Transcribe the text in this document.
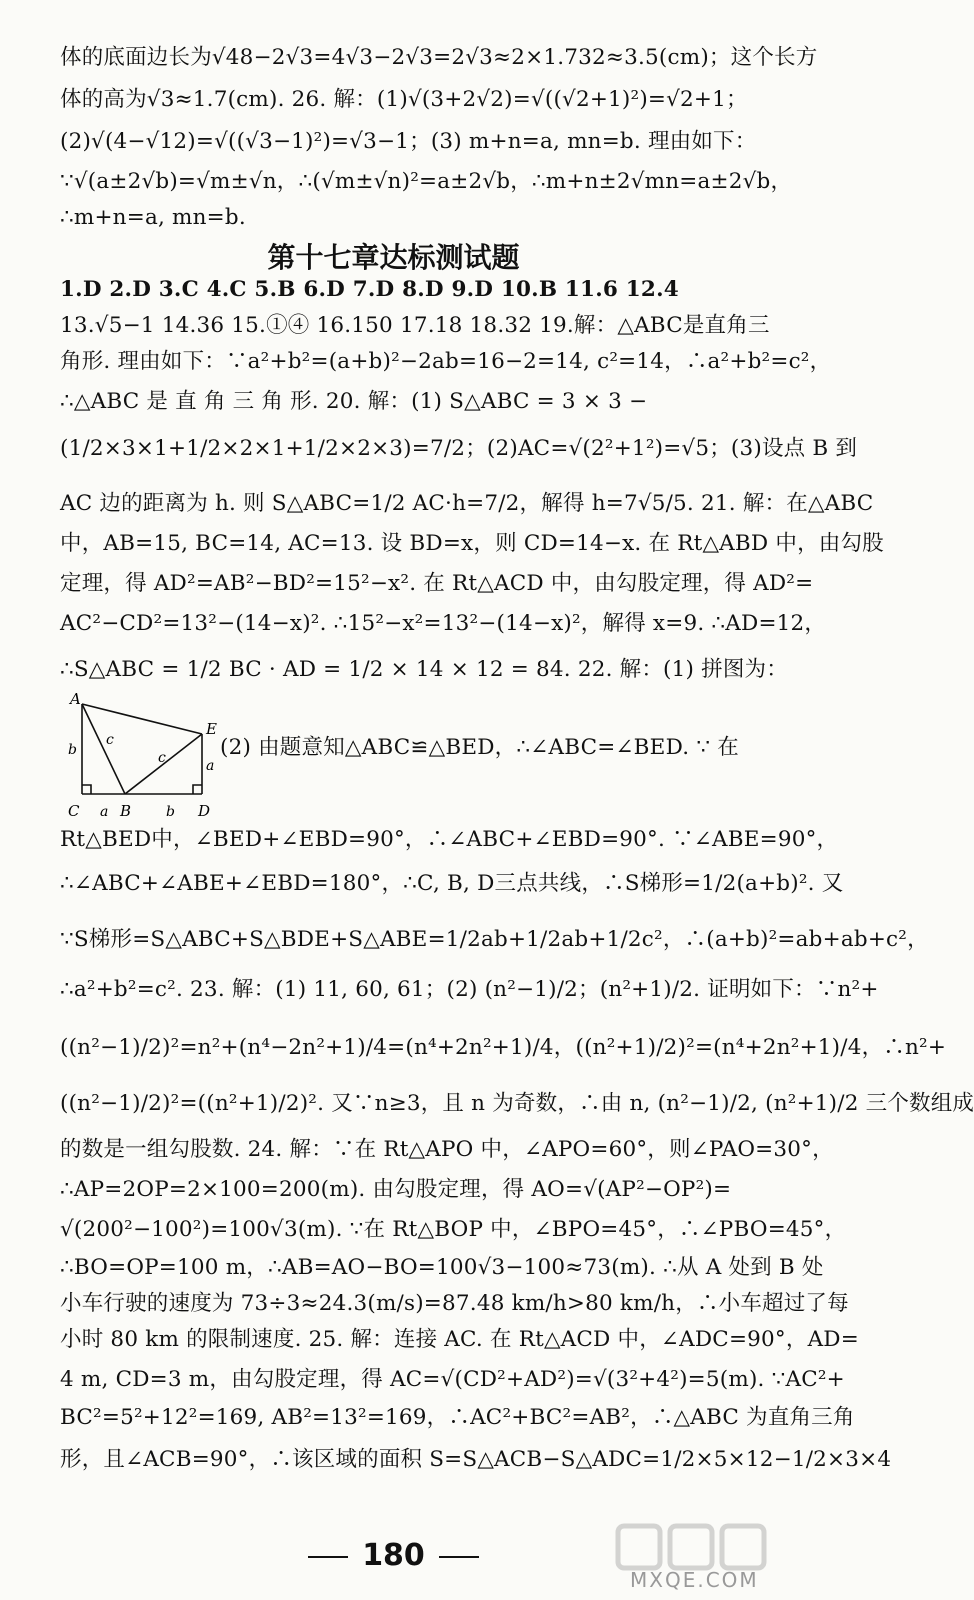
体的底面边长为√48−2√3=4√3−2√3=2√3≈2×1.732≈3.5(cm)；这个长方
体的高为√3≈1.7(cm). 26. 解：(1)√(3+2√2)=√((√2+1)²)=√2+1；
(2)√(4−√12)=√((√3−1)²)=√3−1；(3) m+n=a, mn=b. 理由如下：
∵√(a±2√b)=√m±√n，∴(√m±√n)²=a±2√b，∴m+n±2√mn=a±2√b，
∴m+n=a, mn=b.
第十七章达标测试题
1.D 2.D 3.C 4.C 5.B 6.D 7.D 8.D 9.D 10.B 11.6 12.4
13.√5−1 14.36 15.①④ 16.150 17.18 18.32 19.解：△ABC是直角三
角形. 理由如下：∵a²+b²=(a+b)²−2ab=16−2=14, c²=14，∴a²+b²=c²，
∴△ABC 是 直 角 三 角 形. 20. 解：(1) S△ABC = 3 × 3 −
(1/2×3×1+1/2×2×1+1/2×2×3)=7/2；(2)AC=√(2²+1²)=√5；(3)设点 B 到
AC 边的距离为 h. 则 S△ABC=1/2 AC·h=7/2，解得 h=7√5/5. 21. 解：在△ABC
中，AB=15, BC=14, AC=13. 设 BD=x，则 CD=14−x. 在 Rt△ABD 中，由勾股
定理，得 AD²=AB²−BD²=15²−x². 在 Rt△ACD 中，由勾股定理，得 AD²=
AC²−CD²=13²−(14−x)². ∴15²−x²=13²−(14−x)²，解得 x=9. ∴AD=12，
∴S△ABC = 1/2 BC · AD = 1/2 × 14 × 12 = 84. 22. 解：(1) 拼图为：
A
E
C	B	D
b
c
c	a
a	b
(2) 由题意知△ABC≌△BED，∴∠ABC=∠BED. ∵ 在
Rt△BED中，∠BED+∠EBD=90°，∴∠ABC+∠EBD=90°. ∵∠ABE=90°，
∴∠ABC+∠ABE+∠EBD=180°，∴C, B, D三点共线，∴S梯形=1/2(a+b)². 又
∵S梯形=S△ABC+S△BDE+S△ABE=1/2ab+1/2ab+1/2c²，∴(a+b)²=ab+ab+c²，
∴a²+b²=c². 23. 解：(1) 11, 60, 61；(2) (n²−1)/2；(n²+1)/2. 证明如下：∵n²+
((n²−1)/2)²=n²+(n⁴−2n²+1)/4=(n⁴+2n²+1)/4，((n²+1)/2)²=(n⁴+2n²+1)/4，∴n²+
((n²−1)/2)²=((n²+1)/2)². 又∵n≥3，且 n 为奇数，∴由 n, (n²−1)/2, (n²+1)/2 三个数组成
的数是一组勾股数. 24. 解：∵在 Rt△APO 中，∠APO=60°，则∠PAO=30°，
∴AP=2OP=2×100=200(m). 由勾股定理，得 AO=√(AP²−OP²)=
√(200²−100²)=100√3(m). ∵在 Rt△BOP 中，∠BPO=45°，∴∠PBO=45°，
∴BO=OP=100 m，∴AB=AO−BO=100√3−100≈73(m). ∴从 A 处到 B 处
小车行驶的速度为 73÷3≈24.3(m/s)=87.48 km/h>80 km/h，∴小车超过了每
小时 80 km 的限制速度. 25. 解：连接 AC. 在 Rt△ACD 中，∠ADC=90°，AD=
4 m, CD=3 m，由勾股定理，得 AC=√(CD²+AD²)=√(3²+4²)=5(m). ∵AC²+
BC²=5²+12²=169, AB²=13²=169，∴AC²+BC²=AB²，∴△ABC 为直角三角
形，且∠ACB=90°，∴该区域的面积 S=S△ACB−S△ADC=1/2×5×12−1/2×3×4
180
MXQE.COM
